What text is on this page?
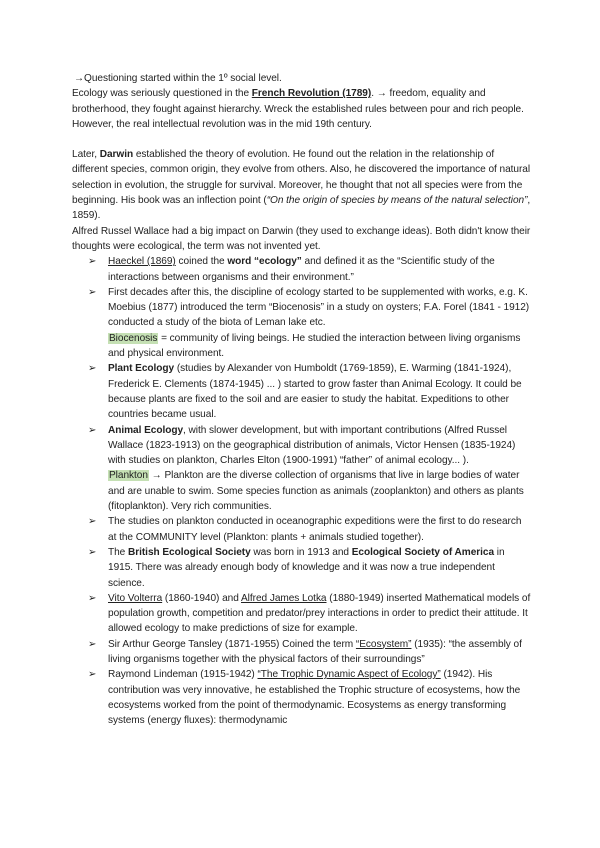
→Questioning started within the 1º social level.

Ecology was seriously questioned in the French Revolution (1789). → freedom, equality and brotherhood, they fought against hierarchy. Wreck the established rules between pour and rich people. However, the real intellectual revolution was in the mid 19th century.

Later, Darwin established the theory of evolution. He found out the relation in the relationship of different species, common origin, they evolve from others. Also, he discovered the importance of natural selection in evolution, the struggle for survival. Moreover, he thought that not all species were from the beginning. His book was an inflection point (“On the origin of species by means of the natural selection”, 1859).

Alfred Russel Wallace had a big impact on Darwin (they used to exchange ideas). Both didn't know their thoughts were ecological, the term was not invented yet.

➢ Haeckel (1869) coined the word “ecology” and defined it as the “Scientific study of the interactions between organisms and their environment.”
➢ First decades after this, the discipline of ecology started to be supplemented with works, e.g. K. Moebius (1877) introduced the term “Biocenosis” in a study on oysters; F.A. Forel (1841 - 1912) conducted a study of the biota of Leman lake etc.
Biocenosis = community of living beings. He studied the interaction between living organisms and physical environment.
➢ Plant Ecology (studies by Alexander von Humboldt (1769-1859), E. Warming (1841-1924), Frederick E. Clements (1874-1945) ... ) started to grow faster than Animal Ecology. It could be because plants are fixed to the soil and are easier to study the habitat. Expeditions to other countries became usual.
➢ Animal Ecology, with slower development, but with important contributions (Alfred Russel Wallace (1823-1913) on the geographical distribution of animals, Victor Hensen (1835-1924) with studies on plankton, Charles Elton (1900-1991) “father” of animal ecology... ).
Plankton → Plankton are the diverse collection of organisms that live in large bodies of water and are unable to swim. Some species function as animals (zooplankton) and others as plants (fitoplankton). Very rich communities.
➢ The studies on plankton conducted in oceanographic expeditions were the first to do research at the COMMUNITY level (Plankton: plants + animals studied together).
➢ The British Ecological Society was born in 1913 and Ecological Society of America in 1915. There was already enough body of knowledge and it was now a true independent science.
➢ Vito Volterra (1860-1940) and Alfred James Lotka (1880-1949) inserted Mathematical models of population growth, competition and predator/prey interactions in order to predict their attitude. It allowed ecology to make predictions of size for example.
➢ Sir Arthur George Tansley (1871-1955) Coined the term “Ecosystem” (1935): “the assembly of living organisms together with the physical factors of their surroundings”
➢ Raymond Lindeman (1915-1942) “The Trophic Dynamic Aspect of Ecology” (1942). His contribution was very innovative, he established the Trophic structure of ecosystems, how the ecosystems worked from the point of thermodynamic. Ecosystems as energy transforming systems (energy fluxes): thermodynamic
